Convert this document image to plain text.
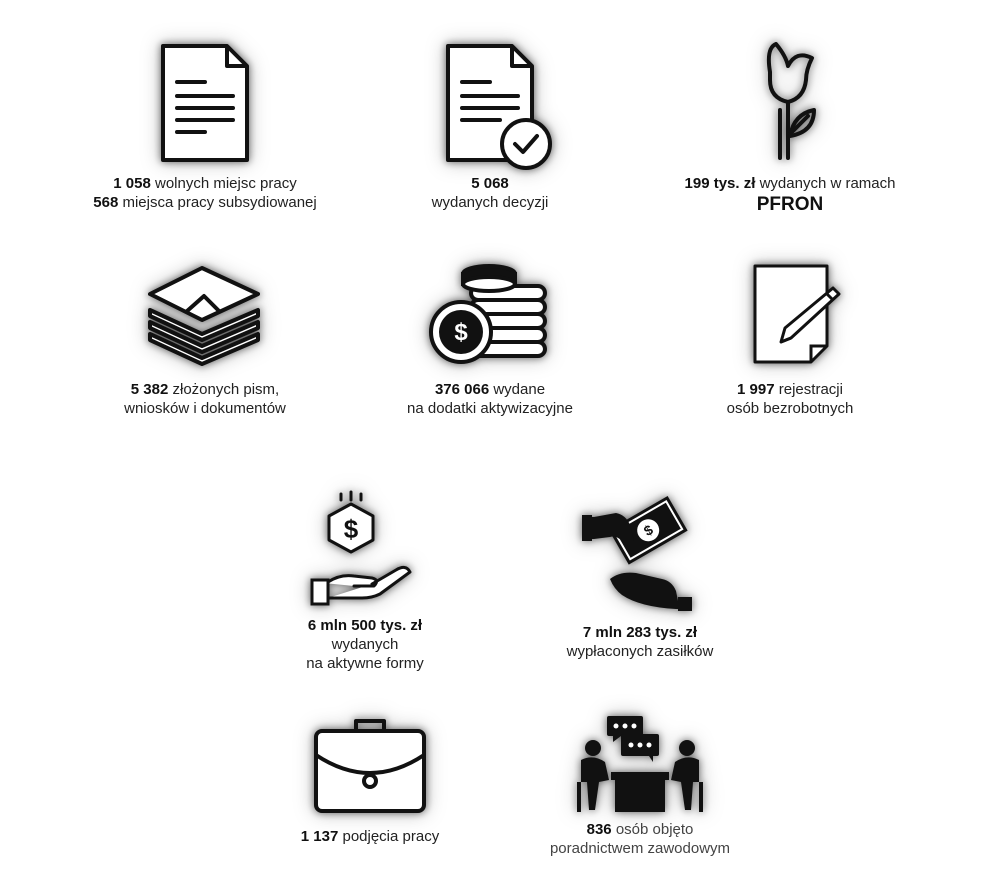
1 058 wolnych miejsc pracy
568 miejsca pracy subsydiowanej
5 068
wydanych decyzji
199 tys. zł wydanych w ramach
PFRON
5 382 złożonych pism,
wniosków i dokumentów
$
376 066 wydane
na dodatki aktywizacyjne
1 997 rejestracji
osób bezrobotnych
$
6 mln 500 tys. zł
wydanych
na aktywne formy
$
7 mln 283 tys. zł
wypłaconych zasiłków
1 137 podjęcia pracy	836 osób objęto
poradnictwem zawodowym
